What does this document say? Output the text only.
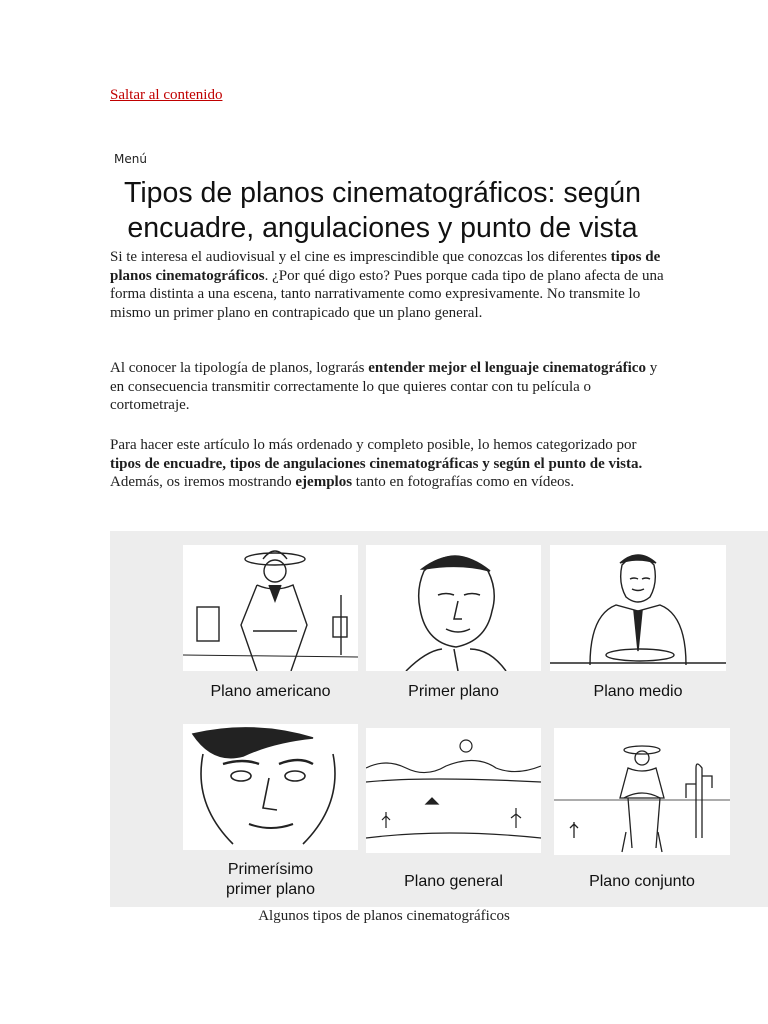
Saltar al contenido
Menú
Tipos de planos cinematográficos: según encuadre, angulaciones y punto de vista

Si te interesa el audiovisual y el cine es imprescindible que conozcas los diferentes tipos de planos cinematográficos. ¿Por qué digo esto? Pues porque cada tipo de plano afecta de una forma distinta a una escena, tanto narrativamente como expresivamente. No transmite lo mismo un primer plano en contrapicado que un plano general.

Al conocer la tipología de planos, lograrás entender mejor el lenguaje cinematográfico y en consecuencia transmitir correctamente lo que quieres contar con tu película o cortometraje.

Para hacer este artículo lo más ordenado y completo posible, lo hemos categorizado por tipos de encuadre, tipos de angulaciones cinematográficas y según el punto de vista. Además, os iremos mostrando ejemplos tanto en fotografías como en vídeos.

Plano americano	Primer plano	Plano medio
Primerísimo
primer plano	Plano general	Plano conjunto
Algunos tipos de planos cinematográficos
